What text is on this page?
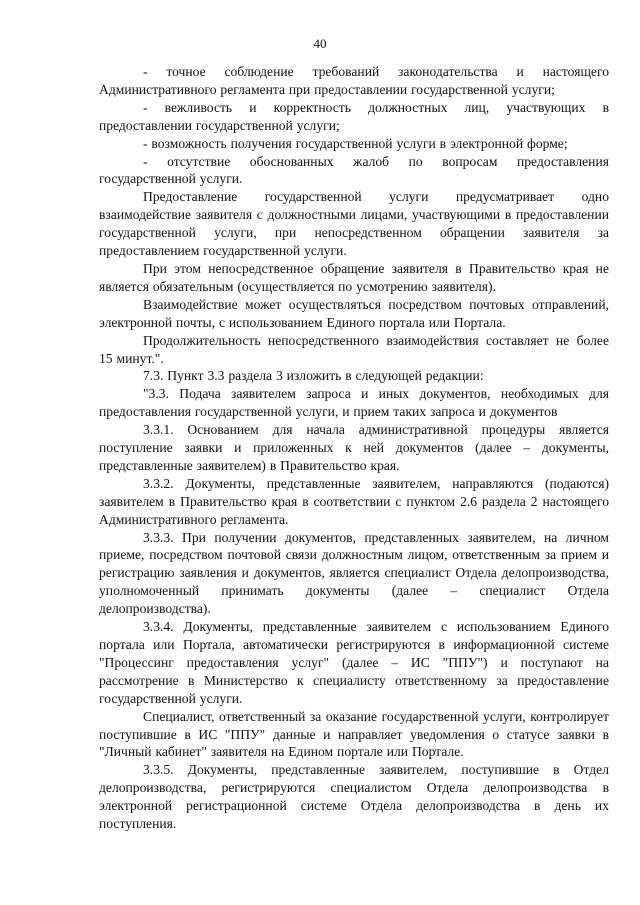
40

- точное соблюдение требований законодательства и настоящего Административного регламента при предоставлении государственной услуги;

- вежливость и корректность должностных лиц, участвующих в предоставлении государственной услуги;

- возможность получения государственной услуги в электронной форме;

- отсутствие обоснованных жалоб по вопросам предоставления государственной услуги.

Предоставление государственной услуги предусматривает одно взаимодействие заявителя с должностными лицами, участвующими в предоставлении государственной услуги, при непосредственном обращении заявителя за предоставлением государственной услуги.

При этом непосредственное обращение заявителя в Правительство края не является обязательным (осуществляется по усмотрению заявителя).

Взаимодействие может осуществляться посредством почтовых отправлений, электронной почты, с использованием Единого портала или Портала.

Продолжительность непосредственного взаимодействия составляет не более 15 минут.".

7.3. Пункт 3.3 раздела 3 изложить в следующей редакции:

"3.3. Подача заявителем запроса и иных документов, необходимых для предоставления государственной услуги, и прием таких запроса и документов

3.3.1. Основанием для начала административной процедуры является поступление заявки и приложенных к ней документов (далее – документы, представленные заявителем) в Правительство края.

3.3.2. Документы, представленные заявителем, направляются (подаются) заявителем в Правительство края в соответствии с пунктом 2.6 раздела 2 настоящего Административного регламента.

3.3.3. При получении документов, представленных заявителем, на личном приеме, посредством почтовой связи должностным лицом, ответственным за прием и регистрацию заявления и документов, является специалист Отдела делопроизводства, уполномоченный принимать документы (далее – специалист Отдела делопроизводства).

3.3.4. Документы, представленные заявителем с использованием Единого портала или Портала, автоматически регистрируются в информационной системе "Процессинг предоставления услуг" (далее – ИС "ППУ") и поступают на рассмотрение в Министерство к специалисту ответственному за предоставление государственной услуги.

Специалист, ответственный за оказание государственной услуги, контролирует поступившие в ИС "ППУ" данные и направляет уведомления о статусе заявки в "Личный кабинет" заявителя на Едином портале или Портале.

3.3.5. Документы, представленные заявителем, поступившие в Отдел делопроизводства, регистрируются специалистом Отдела делопроизводства в электронной регистрационной системе Отдела делопроизводства в день их поступления.
